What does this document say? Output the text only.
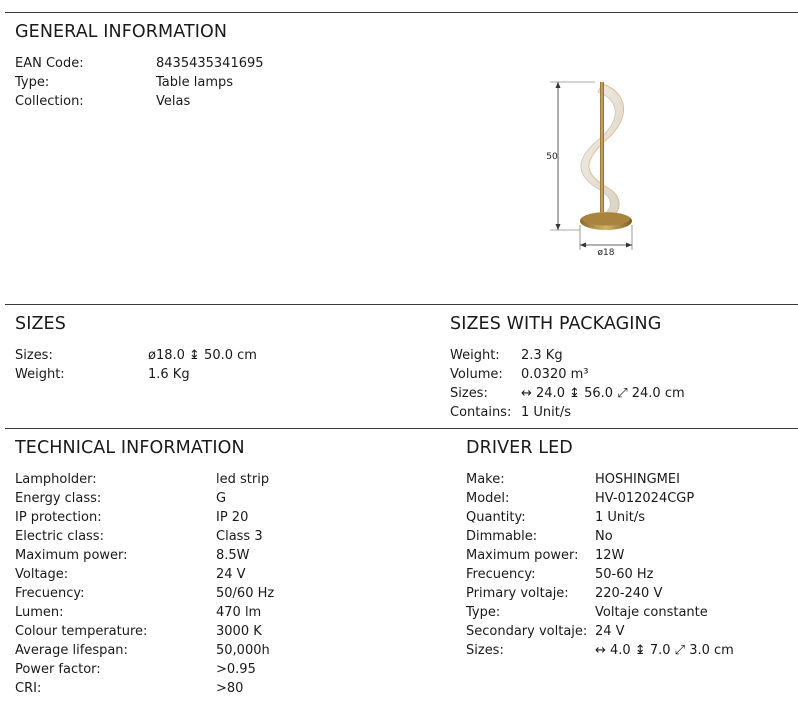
GENERAL INFORMATION
EAN Code:	8435435341695
Type:	Table lamps
Collection:	Velas
50
ø18
SIZES
Sizes:	ø18.0 ↨ 50.0 cm
Weight:	1.6 Kg
SIZES WITH PACKAGING
Weight:	2.3 Kg
Volume:	0.0320 m³
Sizes:	↔ 24.0 ↨ 56.0 ⤢ 24.0 cm
Contains: 1 Unit/s
TECHNICAL INFORMATION
Lampholder:	led strip
Energy class:	G
IP protection:	IP 20
Electric class:	Class 3
Maximum power:	8.5W
Voltage:	24 V
Frecuency:	50/60 Hz
Lumen:	470 lm
Colour temperature:	3000 K
Average lifespan:	50,000h
Power factor:	>0.95
CRI:	>80
DRIVER LED
Make:	HOSHINGMEI
Model:	HV-012024CGP
Quantity:	1 Unit/s
Dimmable:	No
Maximum power:	12W
Frecuency:	50-60 Hz
Primary voltaje:	220-240 V
Type:	Voltaje constante
Secondary voltaje: 24 V
Sizes:	↔ 4.0 ↨ 7.0 ⤢ 3.0 cm
